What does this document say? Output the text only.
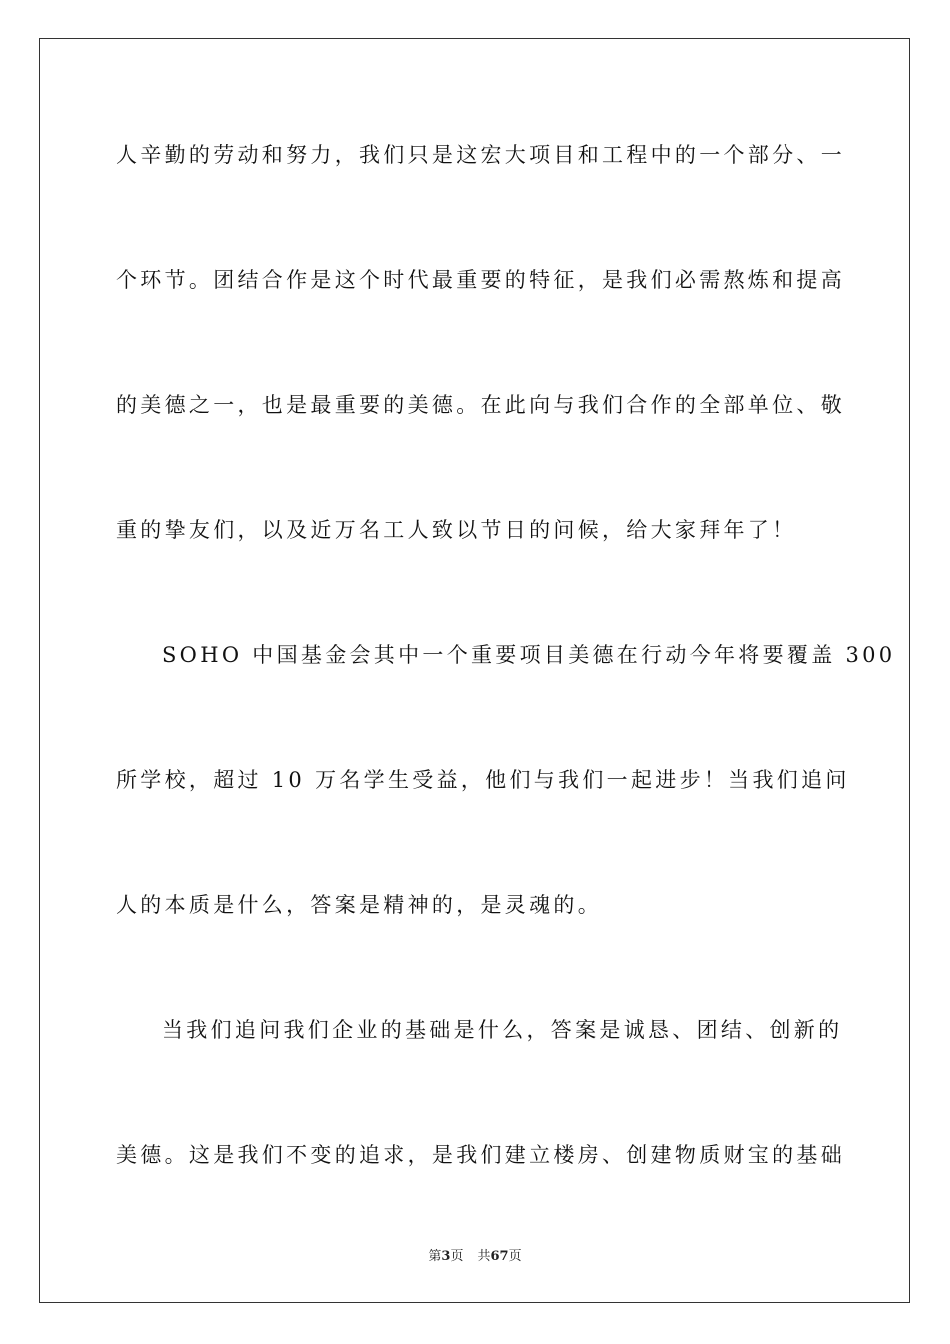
人辛勤的劳动和努力，我们只是这宏大项目和工程中的一个部分、一
个环节。团结合作是这个时代最重要的特征，是我们必需熬炼和提高
的美德之一，也是最重要的美德。在此向与我们合作的全部单位、敬
重的挚友们，以及近万名工人致以节日的问候，给大家拜年了！
SOHO 中国基金会其中一个重要项目美德在行动今年将要覆盖 300
所学校，超过 10 万名学生受益，他们与我们一起进步！当我们追问
人的本质是什么，答案是精神的，是灵魂的。
当我们追问我们企业的基础是什么，答案是诚恳、团结、创新的
美德。这是我们不变的追求，是我们建立楼房、创建物质财宝的基础
第3页 共67页
